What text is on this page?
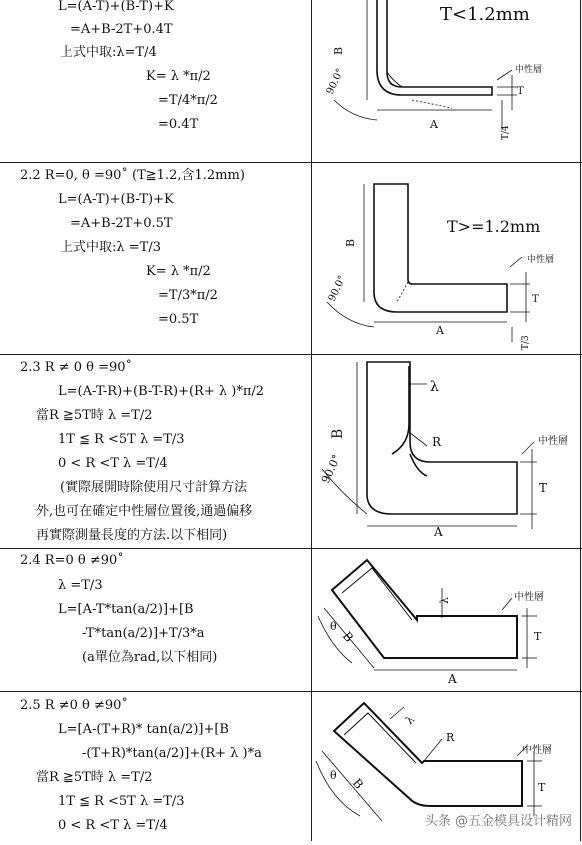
L=(A-T)+(B-T)+K
=A+B-2T+0.4T
上式中取:λ=T/4
K= λ *π/2
=T/4*π/2
=0.4T
T<1.2mm
B
A
90.0°	中性層
T
T/4
2.2 R=0, θ =90˚ (T≧1.2,含1.2mm)
L=(A-T)+(B-T)+K
=A+B-2T+0.5T
上式中取:λ =T/3
K= λ *π/2
=T/3*π/2
=0.5T
T>=1.2mm
B
A
90.0°
中性層
T
T/3
2.3 R ≠ 0 θ =90˚
L=(A-T-R)+(B-T-R)+(R+ λ )*π/2
當R ≧5T時 λ =T/2
1T ≦ R <5T λ =T/3
0 < R <T λ =T/4
(實際展開時除使用尺寸計算方法
外,也可在確定中性層位置後,通過偏移
再實際測量長度的方法.以下相同)
B
A
90.0°
中性層
T
λ
R
2.4 R=0 θ ≠90˚
λ =T/3
L=[A-T*tan(a/2)]+[B
-T*tan(a/2)]+T/3*a
(a單位為rad,以下相同)
λ
B
A
θ
中性層
T
2.5 R ≠0 θ ≠90˚
L=[A-(T+R)* tan(a/2)]+[B
-(T+R)*tan(a/2)]+(R+ λ )*a
當R ≧5T時 λ =T/2
1T ≦ R <5T λ =T/3
0 < R <T λ =T/4
λ
R
B
θ
中性層
T
头条 @五金模具设计精网
